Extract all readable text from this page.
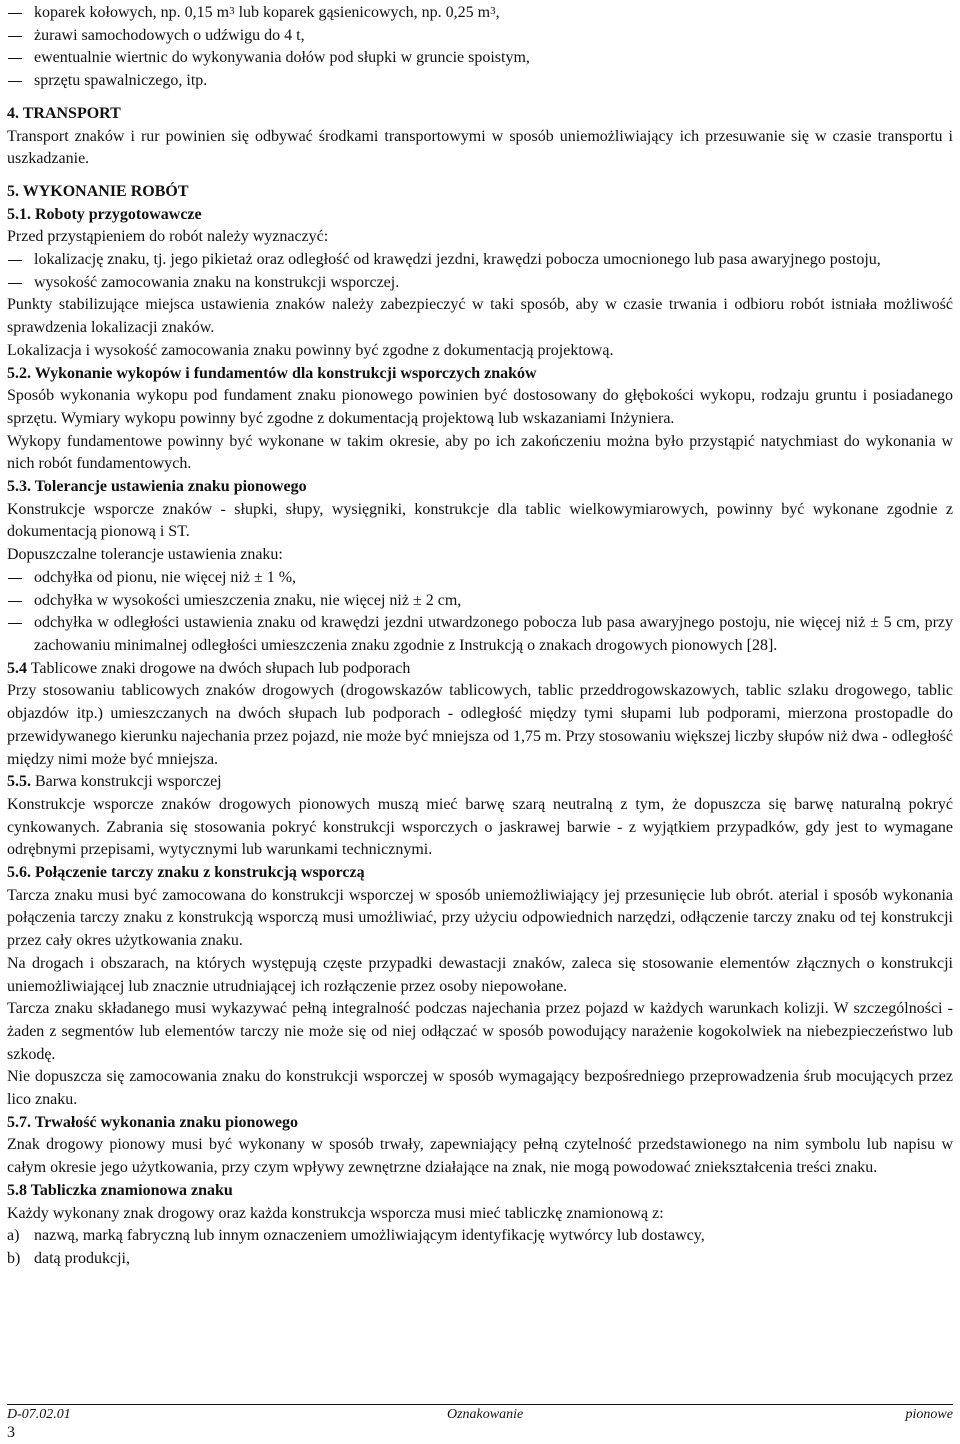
koparek kołowych, np. 0,15 $m^3$ lub koparek gąsienicowych, np. 0,25 $m^3$,
żurawi samochodowych o udźwigu do 4 t,
ewentualnie wiertnic do wykonywania dołów pod słupki w gruncie spoistym,
sprzętu spawalniczego, itp.

4. TRANSPORT

Transport znaków i rur powinien się odbywać środkami transportowymi w sposób uniemożliwiający ich przesuwanie się w czasie transportu i uszkadzanie.

5. WYKONANIE ROBÓT

5.1. Roboty przygotowawcze

Przed przystąpieniem do robót należy wyznaczyć:

lokalizację znaku, tj. jego pikietaż oraz odległość od krawędzi jezdni, krawędzi pobocza umocnionego lub pasa awaryjnego postoju,
wysokość zamocowania znaku na konstrukcji wsporczej.

Punkty stabilizujące miejsca ustawienia znaków należy zabezpieczyć w taki sposób, aby w czasie trwania i odbioru robót istniała możliwość sprawdzenia lokalizacji znaków.

Lokalizacja i wysokość zamocowania znaku powinny być zgodne z dokumentacją projektową.

5.2. Wykonanie wykopów i fundamentów dla konstrukcji wsporczych znaków

Sposób wykonania wykopu pod fundament znaku pionowego powinien być dostosowany do głębokości wykopu, rodzaju gruntu i posiadanego sprzętu. Wymiary wykopu powinny być zgodne z dokumentacją projektową lub wskazaniami Inżyniera.

Wykopy fundamentowe powinny być wykonane w takim okresie, aby po ich zakończeniu można było przystąpić natychmiast do wykonania w nich robót fundamentowych.

5.3. Tolerancje ustawienia znaku pionowego

Konstrukcje wsporcze znaków - słupki, słupy, wysięgniki, konstrukcje dla tablic wielkowymiarowych, powinny być wykonane zgodnie z dokumentacją pionową i ST.

Dopuszczalne tolerancje ustawienia znaku:

odchyłka od pionu, nie więcej niż ± 1 %,
odchyłka w wysokości umieszczenia znaku, nie więcej niż ± 2 cm,
odchyłka w odległości ustawienia znaku od krawędzi jezdni utwardzonego pobocza lub pasa awaryjnego postoju, nie więcej niż ± 5 cm, przy zachowaniu minimalnej odległości umieszczenia znaku zgodnie z Instrukcją o znakach drogowych pionowych [28].

5.4 Tablicowe znaki drogowe na dwóch słupach lub podporach

Przy stosowaniu tablicowych znaków drogowych (drogowskazów tablicowych, tablic przeddrogowskazowych, tablic szlaku drogowego, tablic objazdów itp.) umieszczanych na dwóch słupach lub podporach - odległość między tymi słupami lub podporami, mierzona prostopadle do przewidywanego kierunku najechania przez pojazd, nie może być mniejsza od 1,75 m. Przy stosowaniu większej liczby słupów niż dwa - odległość między nimi może być mniejsza.

5.5. Barwa konstrukcji wsporczej

Konstrukcje wsporcze znaków drogowych pionowych muszą mieć barwę szarą neutralną z tym, że dopuszcza się barwę naturalną pokryć cynkowanych. Zabrania się stosowania pokryć konstrukcji wsporczych o jaskrawej barwie - z wyjątkiem przypadków, gdy jest to wymagane odrębnymi przepisami, wytycznymi lub warunkami technicznymi.

5.6. Połączenie tarczy znaku z konstrukcją wsporczą

Tarcza znaku musi być zamocowana do konstrukcji wsporczej w sposób uniemożliwiający jej przesunięcie lub obrót. aterial i sposób wykonania połączenia tarczy znaku z konstrukcją wsporczą musi umożliwiać, przy użyciu odpowiednich narzędzi, odłączenie tarczy znaku od tej konstrukcji przez cały okres użytkowania znaku.

Na drogach i obszarach, na których występują częste przypadki dewastacji znaków, zaleca się stosowanie elementów złącznych o konstrukcji uniemożliwiającej lub znacznie utrudniającej ich rozłączenie przez osoby niepowołane.

Tarcza znaku składanego musi wykazywać pełną integralność podczas najechania przez pojazd w każdych warunkach kolizji. W szczególności - żaden z segmentów lub elementów tarczy nie może się od niej odłączać w sposób powodujący narażenie kogokolwiek na niebezpieczeństwo lub szkodę.

Nie dopuszcza się zamocowania znaku do konstrukcji wsporczej w sposób wymagający bezpośredniego przeprowadzenia śrub mocujących przez lico znaku.

5.7. Trwałość wykonania znaku pionowego

Znak drogowy pionowy musi być wykonany w sposób trwały, zapewniający pełną czytelność przedstawionego na nim symbolu lub napisu w całym okresie jego użytkowania, przy czym wpływy zewnętrzne działające na znak, nie mogą powodować zniekształcenia treści znaku.

5.8 Tabliczka znamionowa znaku

Każdy wykonany znak drogowy oraz każda konstrukcja wsporcza musi mieć tabliczkę znamionową z:

a) nazwą, marką fabryczną lub innym oznaczeniem umożliwiającym identyfikację wytwórcy lub dostawcy,
b) datą produkcji,
D-07.02.01	Oznakowanie	pionowe
3
